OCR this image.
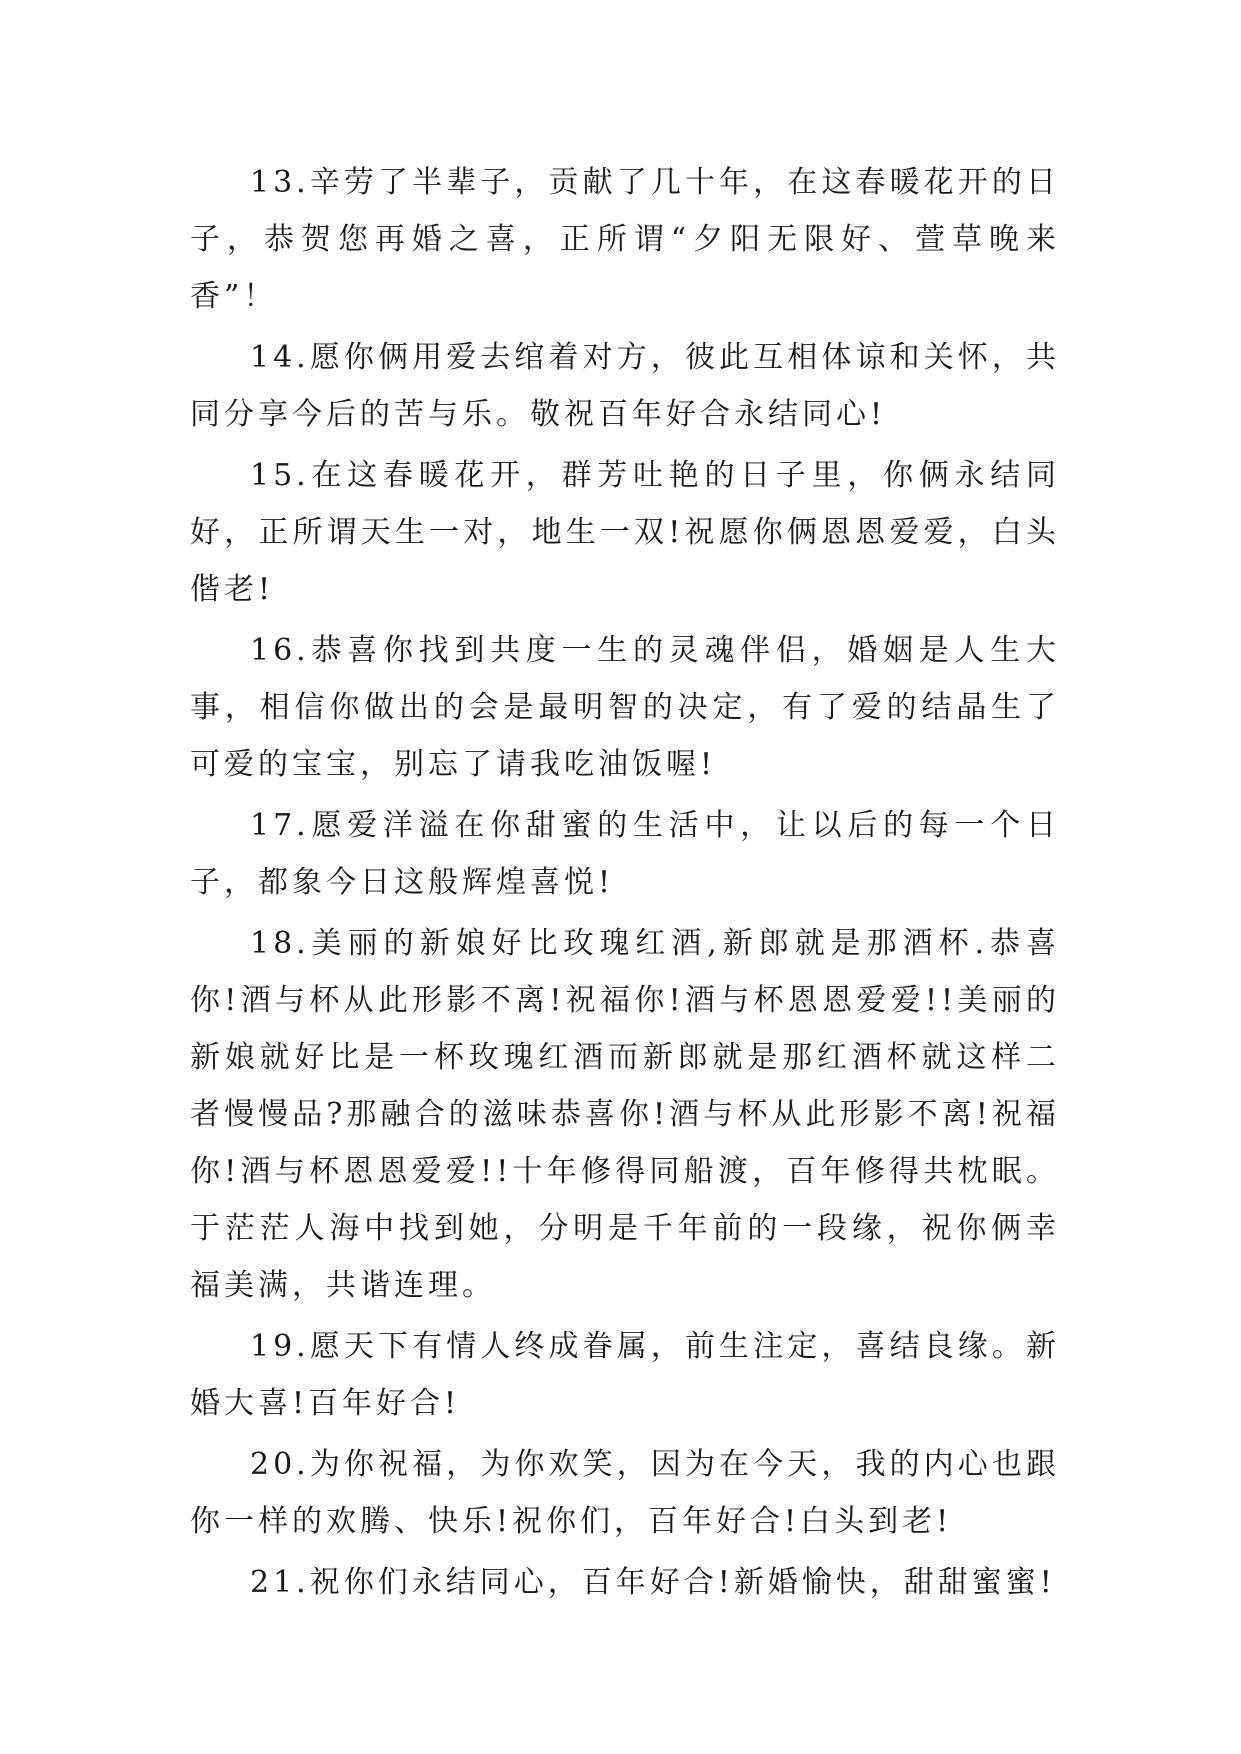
13.辛劳了半辈子，贡献了几十年，在这春暖花开的日子，恭贺您再婚之喜，正所谓“夕阳无限好、萱草晚来香”！

14.愿你俩用爱去绾着对方，彼此互相体谅和关怀，共同分享今后的苦与乐。敬祝百年好合永结同心!

15.在这春暖花开，群芳吐艳的日子里，你俩永结同好，正所谓天生一对，地生一双!祝愿你俩恩恩爱爱，白头偕老!

16.恭喜你找到共度一生的灵魂伴侣，婚姻是人生大事，相信你做出的会是最明智的决定，有了爱的结晶生了可爱的宝宝，别忘了请我吃油饭喔!

17.愿爱洋溢在你甜蜜的生活中，让以后的每一个日子，都象今日这般辉煌喜悦!

18.美丽的新娘好比玫瑰红酒,新郎就是那酒杯.恭喜你!酒与杯从此形影不离!祝福你!酒与杯恩恩爱爱!!美丽的新娘就好比是一杯玫瑰红酒而新郎就是那红酒杯就这样二者慢慢品?那融合的滋味恭喜你!酒与杯从此形影不离!祝福你!酒与杯恩恩爱爱!!十年修得同船渡，百年修得共枕眠。于茫茫人海中找到她，分明是千年前的一段缘，祝你俩幸福美满，共谐连理。

19.愿天下有情人终成眷属，前生注定，喜结良缘。新婚大喜!百年好合!

20.为你祝福，为你欢笑，因为在今天，我的内心也跟你一样的欢腾、快乐!祝你们，百年好合!白头到老!

21.祝你们永结同心，百年好合!新婚愉快，甜甜蜜蜜!
